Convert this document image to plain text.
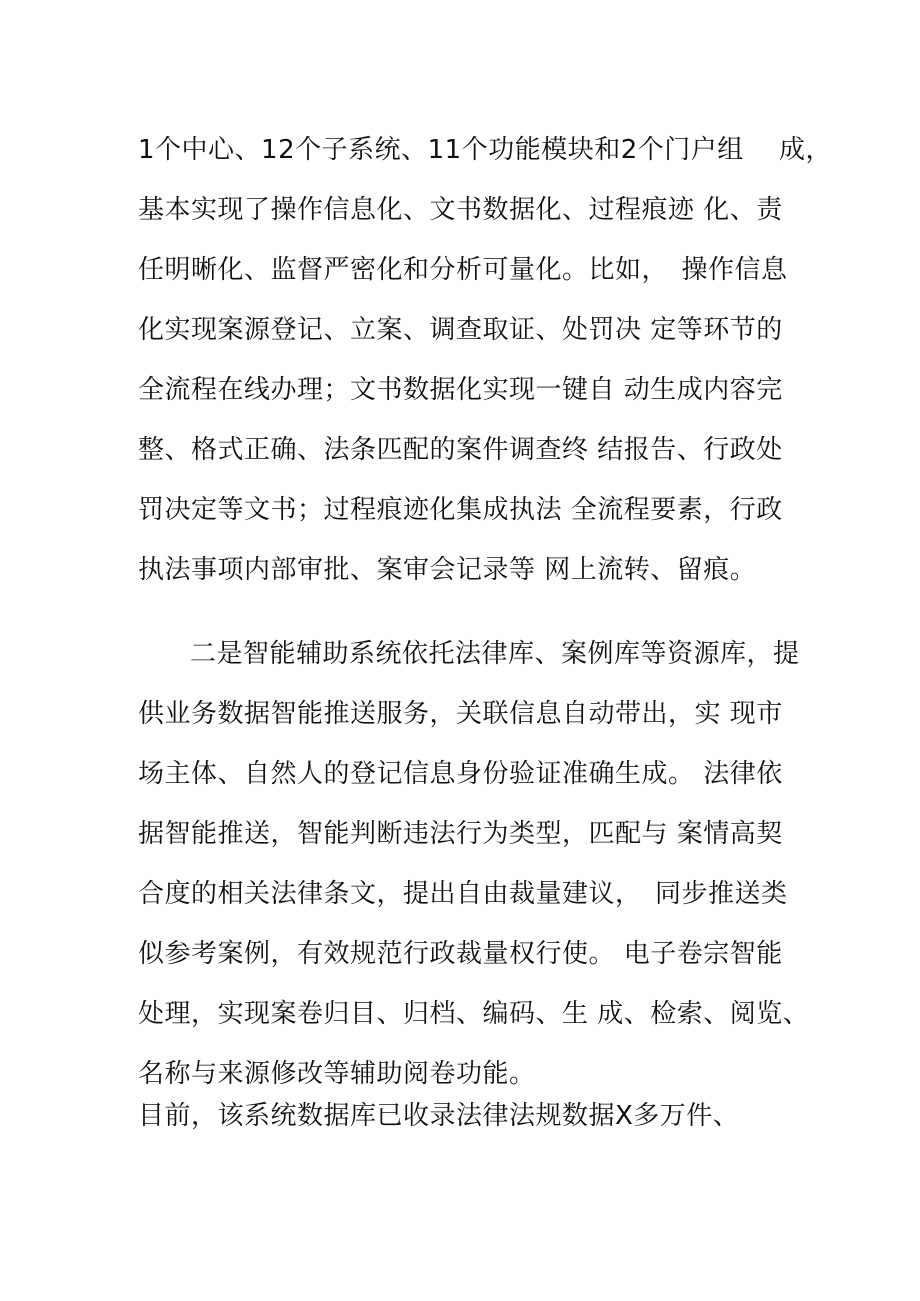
1个中心、12个子系统、11个功能模块和2个门户组　 成，
基本实现了操作信息化、文书数据化、过程痕迹 化、责
任明晰化、监督严密化和分析可量化。比如，　操作信息
化实现案源登记、立案、调查取证、处罚决 定等环节的
全流程在线办理；文书数据化实现一键自 动生成内容完
整、格式正确、法条匹配的案件调查终 结报告、行政处
罚决定等文书；过程痕迹化集成执法 全流程要素，行政
执法事项内部审批、案审会记录等 网上流转、留痕。
二是智能辅助系统依托法律库、案例库等资源库，提
供业务数据智能推送服务，关联信息自动带出，实 现市
场主体、自然人的登记信息身份验证准确生成。 法律依
据智能推送，智能判断违法行为类型，匹配与 案情高契
合度的相关法律条文，提出自由裁量建议，　同步推送类
似参考案例，有效规范行政裁量权行使。 电子卷宗智能
处理，实现案卷归目、归档、编码、生 成、检索、阅览、
名称与来源修改等辅助阅卷功能。
目前，该系统数据库已收录法律法规数据X多万件、
